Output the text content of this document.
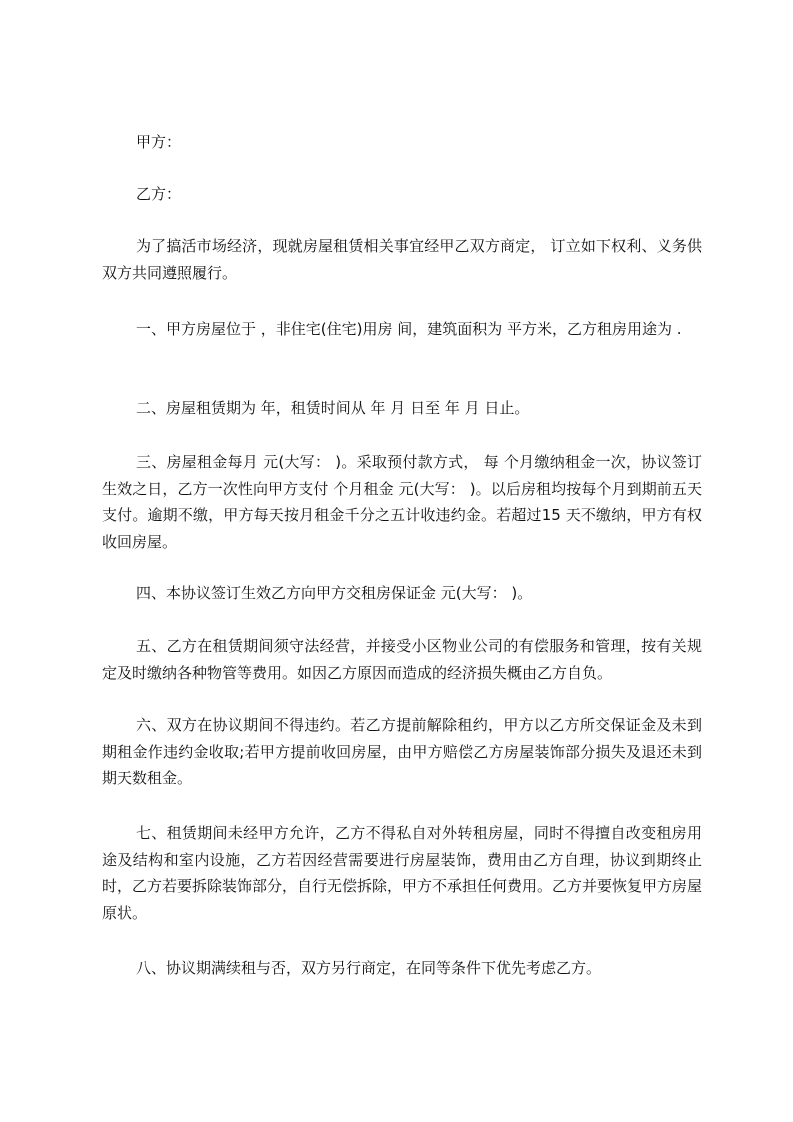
甲方：

乙方：

为了搞活市场经济，现就房屋租赁相关事宜经甲乙双方商定， 订立如下权利、义务供双方共同遵照履行。

一、甲方房屋位于 ，非住宅(住宅)用房 间，建筑面积为 平方米，乙方租房用途为 .

二、房屋租赁期为 年，租赁时间从 年 月 日至 年 月 日止。

三、房屋租金每月 元(大写： )。采取预付款方式， 每 个月缴纳租金一次，协议签订生效之日，乙方一次性向甲方支付 个月租金 元(大写： )。以后房租均按每个月到期前五天支付。逾期不缴，甲方每天按月租金千分之五计收违约金。若超过15 天不缴纳，甲方有权收回房屋。

四、本协议签订生效乙方向甲方交租房保证金 元(大写： )。

五、乙方在租赁期间须守法经营，并接受小区物业公司的有偿服务和管理，按有关规定及时缴纳各种物管等费用。如因乙方原因而造成的经济损失概由乙方自负。

六、双方在协议期间不得违约。若乙方提前解除租约，甲方以乙方所交保证金及未到期租金作违约金收取;若甲方提前收回房屋，由甲方赔偿乙方房屋装饰部分损失及退还未到期天数租金。

七、租赁期间未经甲方允许，乙方不得私自对外转租房屋，同时不得擅自改变租房用途及结构和室内设施，乙方若因经营需要进行房屋装饰，费用由乙方自理，协议到期终止时，乙方若要拆除装饰部分，自行无偿拆除，甲方不承担任何费用。乙方并要恢复甲方房屋原状。

八、协议期满续租与否，双方另行商定，在同等条件下优先考虑乙方。
